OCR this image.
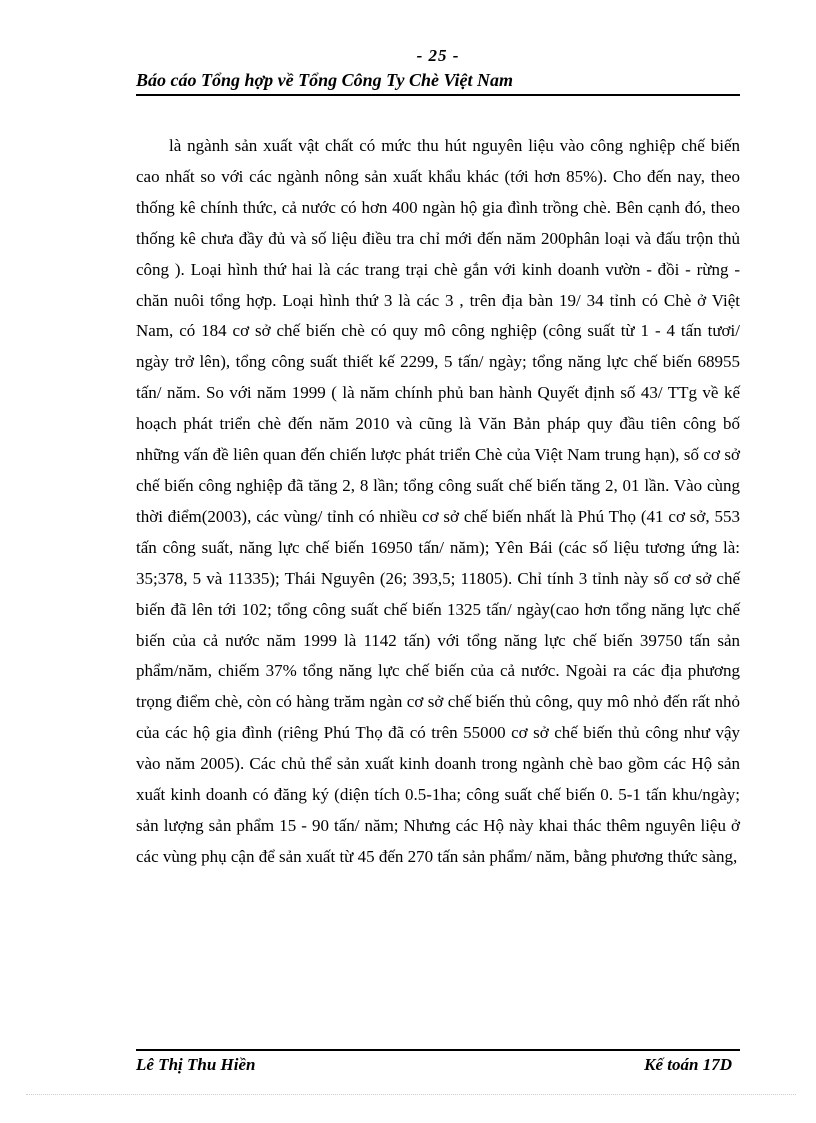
- 25 -
Báo cáo Tổng hợp về Tổng Công Ty Chè Việt Nam

là ngành sản xuất vật chất có mức thu hút nguyên liệu vào công nghiệp chế biến cao nhất so với các ngành nông sản xuất khẩu khác (tới hơn 85%). Cho đến nay, theo thống kê chính thức, cả nước có hơn 400 ngàn hộ gia đình trồng chè. Bên cạnh đó, theo thống kê chưa đầy đủ và số liệu điều tra chỉ mới đến năm 200phân loại và đấu trộn thủ công ). Loại hình thứ hai là các trang trại chè gắn với kinh doanh vườn - đồi - rừng - chăn nuôi tổng hợp. Loại hình thứ 3 là các 3 , trên địa bàn 19/ 34 tỉnh có Chè ở Việt Nam, có 184 cơ sở chế biến chè có quy mô công nghiệp (công suất từ 1 - 4 tấn tươi/ ngày trở lên), tổng công suất thiết kế 2299, 5 tấn/ ngày; tổng năng lực chế biến 68955 tấn/ năm. So với năm 1999 ( là năm chính phủ ban hành Quyết định số 43/ TTg về kế hoạch phát triển chè đến năm 2010 và cũng là Văn Bản pháp quy đầu tiên công bố những vấn đề liên quan đến chiến lược phát triển Chè của Việt Nam trung hạn), số cơ sở chế biến công nghiệp đã tăng 2, 8 lần; tổng công suất chế biến tăng 2, 01 lần. Vào cùng thời điểm(2003), các vùng/ tỉnh có nhiều cơ sở chế biến nhất là Phú Thọ (41 cơ sở, 553 tấn công suất, năng lực chế biến 16950 tấn/ năm); Yên Bái (các số liệu tương ứng là: 35;378, 5 và 11335); Thái Nguyên (26; 393,5; 11805). Chỉ tính 3 tỉnh này số cơ sở chế biến đã lên tới 102; tổng công suất chế biến 1325 tấn/ ngày(cao hơn tổng năng lực chế biến của cả nước năm 1999 là 1142 tấn) với tổng năng lực chế biến 39750 tấn sản phẩm/năm, chiếm 37% tổng năng lực chế biến của cả nước. Ngoài ra các địa phương trọng điểm chè, còn có hàng trăm ngàn cơ sở chế biến thủ công, quy mô nhỏ đến rất nhỏ của các hộ gia đình (riêng Phú Thọ đã có trên 55000 cơ sở chế biến thủ công như vậy vào năm 2005). Các chủ thể sản xuất kinh doanh trong ngành chè bao gồm các Hộ sản xuất kinh doanh có đăng ký (diện tích 0.5-1ha; công suất chế biến 0. 5-1 tấn khu/ngày; sản lượng sản phẩm 15 - 90 tấn/ năm; Nhưng các Hộ này khai thác thêm nguyên liệu ở các vùng phụ cận để sản xuất từ 45 đến 270 tấn sản phẩm/ năm, bằng phương thức sàng,

Lê Thị Thu Hiền	Kế toán 17D
